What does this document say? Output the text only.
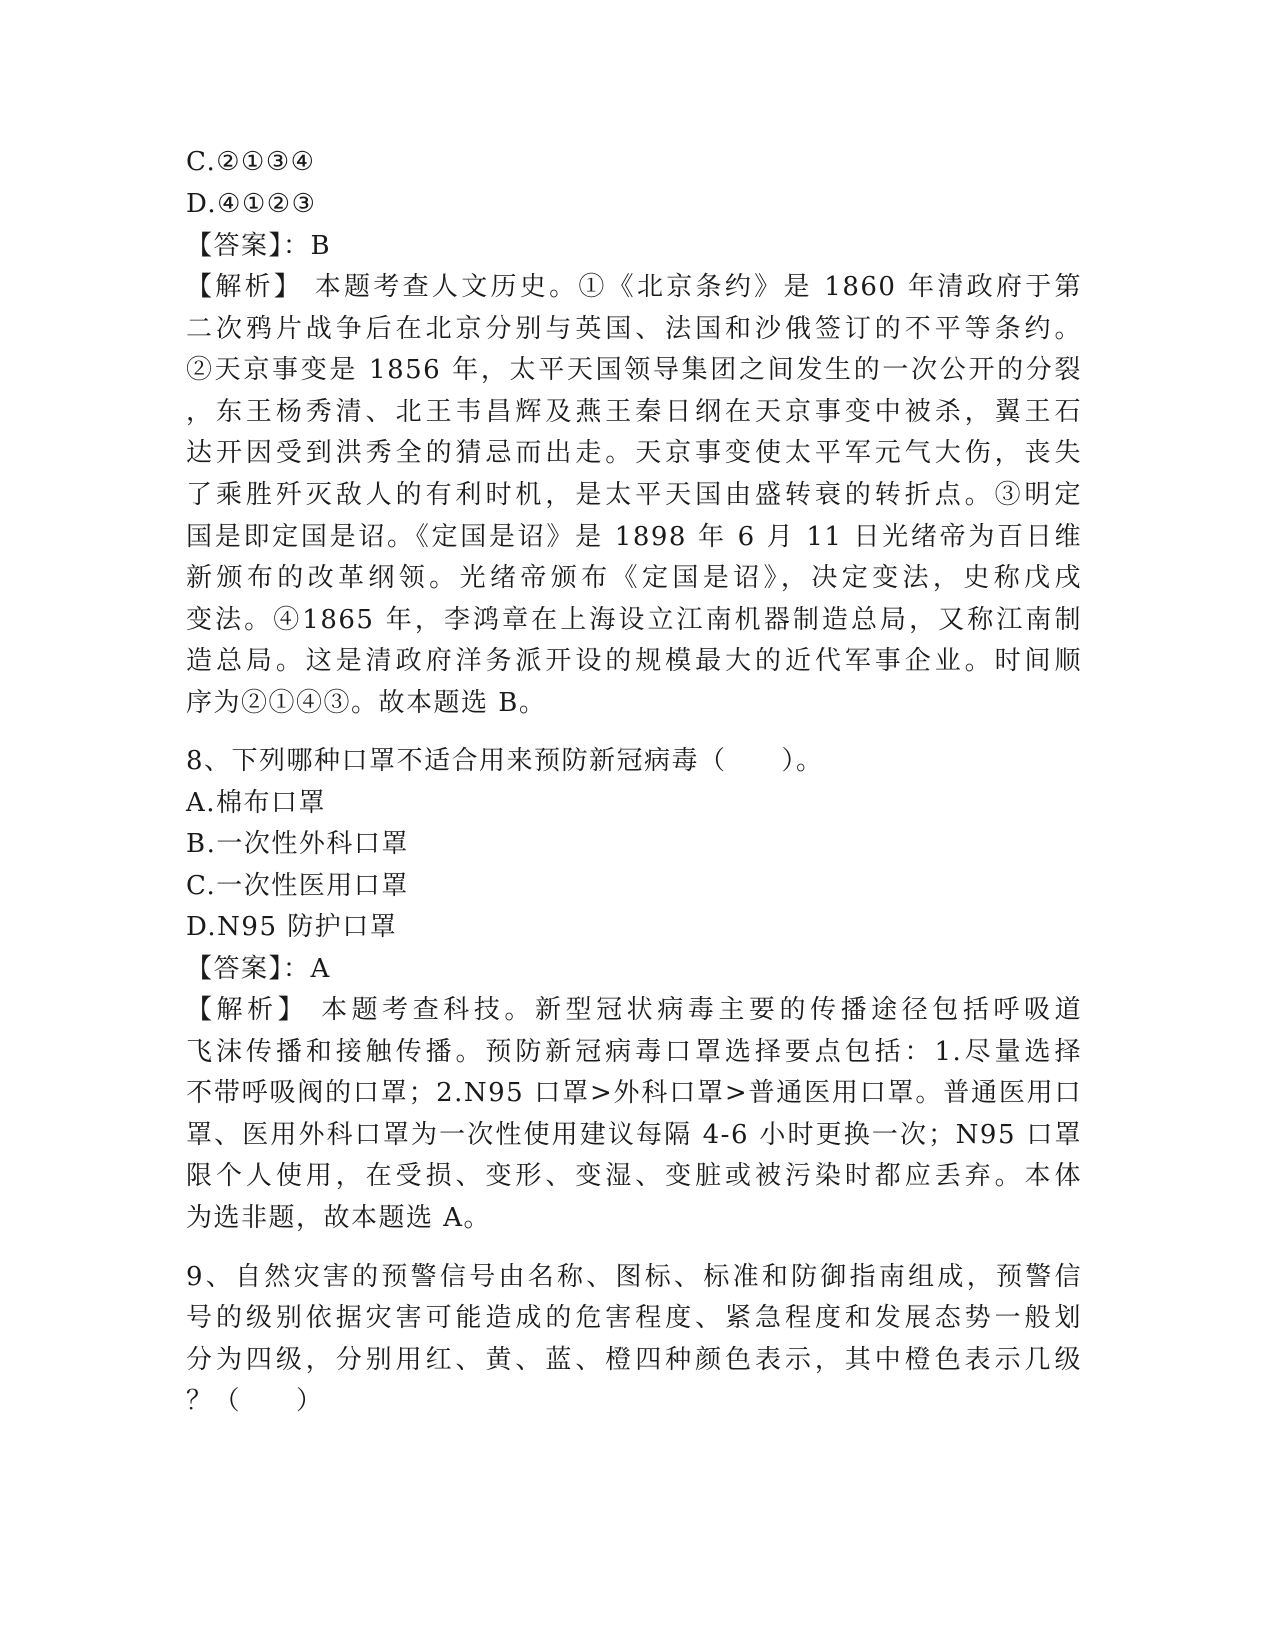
C.②①③④
D.④①②③
【答案】：B
【解析】 本题考查人文历史。①《北京条约》是 1860 年清政府于第
二次鸦片战争后在北京分别与英国、法国和沙俄签订的不平等条约。
②天京事变是 1856 年，太平天国领导集团之间发生的一次公开的分裂
，东王杨秀清、北王韦昌辉及燕王秦日纲在天京事变中被杀，翼王石
达开因受到洪秀全的猜忌而出走。天京事变使太平军元气大伤，丧失
了乘胜歼灭敌人的有利时机，是太平天国由盛转衰的转折点。③明定
国是即定国是诏。《定国是诏》是 1898 年 6 月 11 日光绪帝为百日维
新颁布的改革纲领。光绪帝颁布《定国是诏》，决定变法，史称戊戌
变法。④1865 年，李鸿章在上海设立江南机器制造总局，又称江南制
造总局。这是清政府洋务派开设的规模最大的近代军事企业。时间顺
序为②①④③。故本题选 B。
8、下列哪种口罩不适合用来预防新冠病毒（　　）。
A.棉布口罩
B.一次性外科口罩
C.一次性医用口罩
D.N95 防护口罩
【答案】：A
【解析】 本题考查科技。新型冠状病毒主要的传播途径包括呼吸道
飞沫传播和接触传播。预防新冠病毒口罩选择要点包括：1.尽量选择
不带呼吸阀的口罩；2.N95 口罩>外科口罩>普通医用口罩。普通医用口
罩、医用外科口罩为一次性使用建议每隔 4-6 小时更换一次；N95 口罩
限个人使用，在受损、变形、变湿、变脏或被污染时都应丢弃。本体
为选非题，故本题选 A。
9、自然灾害的预警信号由名称、图标、标准和防御指南组成，预警信
号的级别依据灾害可能造成的危害程度、紧急程度和发展态势一般划
分为四级，分别用红、黄、蓝、橙四种颜色表示，其中橙色表示几级
？（　　）
